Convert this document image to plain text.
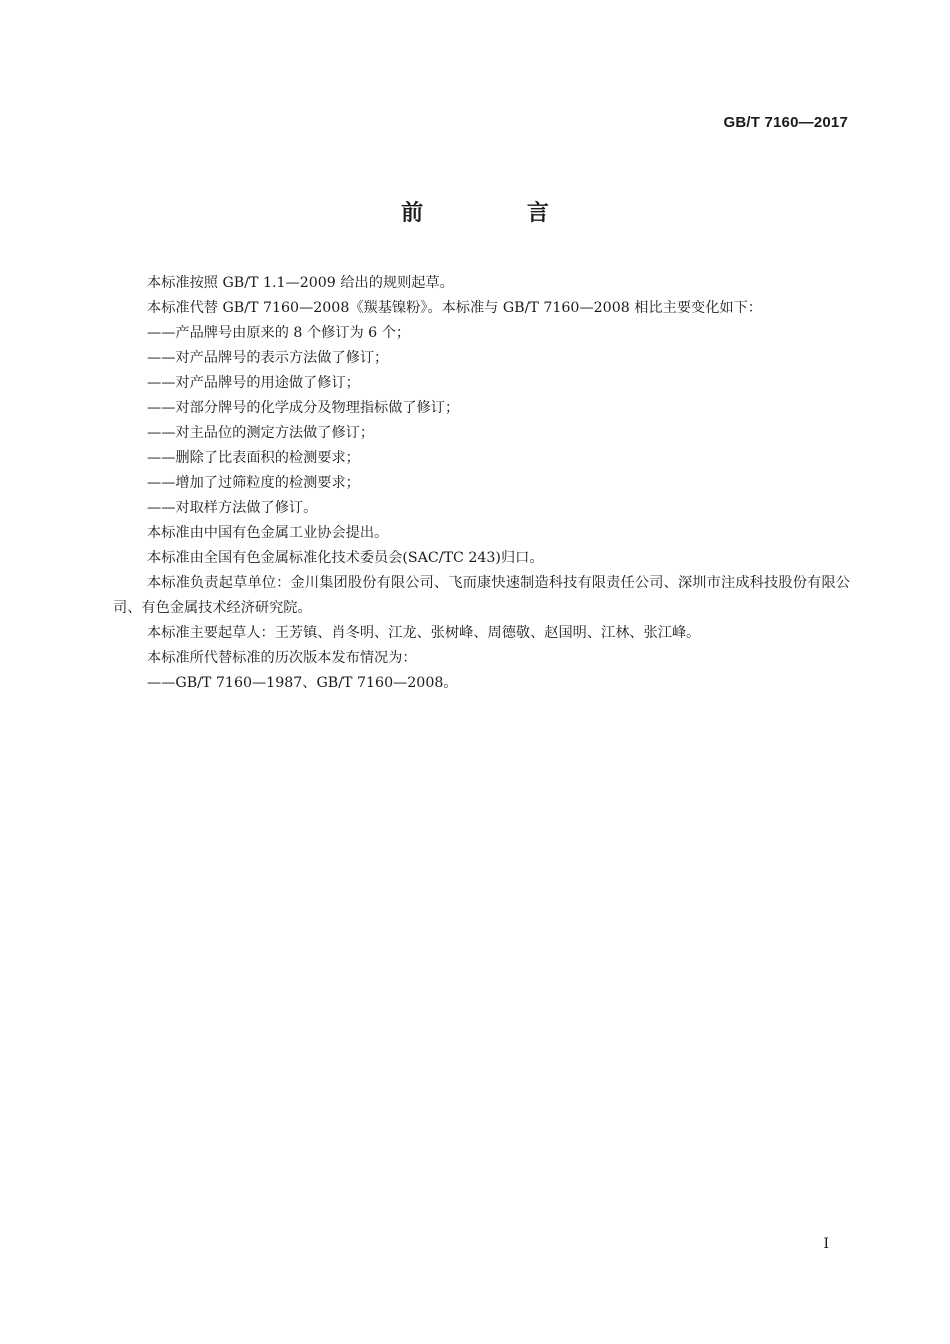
GB/T 7160—2017
前 言

本标准按照 GB/T 1.1—2009 给出的规则起草。

本标准代替 GB/T 7160—2008《羰基镍粉》。本标准与 GB/T 7160—2008 相比主要变化如下：

——产品牌号由原来的 8 个修订为 6 个；

——对产品牌号的表示方法做了修订；

——对产品牌号的用途做了修订；

——对部分牌号的化学成分及物理指标做了修订；

——对主品位的测定方法做了修订；

——删除了比表面积的检测要求；

——增加了过筛粒度的检测要求；

——对取样方法做了修订。

本标准由中国有色金属工业协会提出。

本标准由全国有色金属标准化技术委员会(SAC/TC 243)归口。

本标准负责起草单位：金川集团股份有限公司、飞而康快速制造科技有限责任公司、深圳市注成科技股份有限公司、有色金属技术经济研究院。

本标准主要起草人：王芳镇、肖冬明、江龙、张树峰、周德敬、赵国明、江林、张江峰。

本标准所代替标准的历次版本发布情况为：

——GB/T 7160—1987、GB/T 7160—2008。

I
